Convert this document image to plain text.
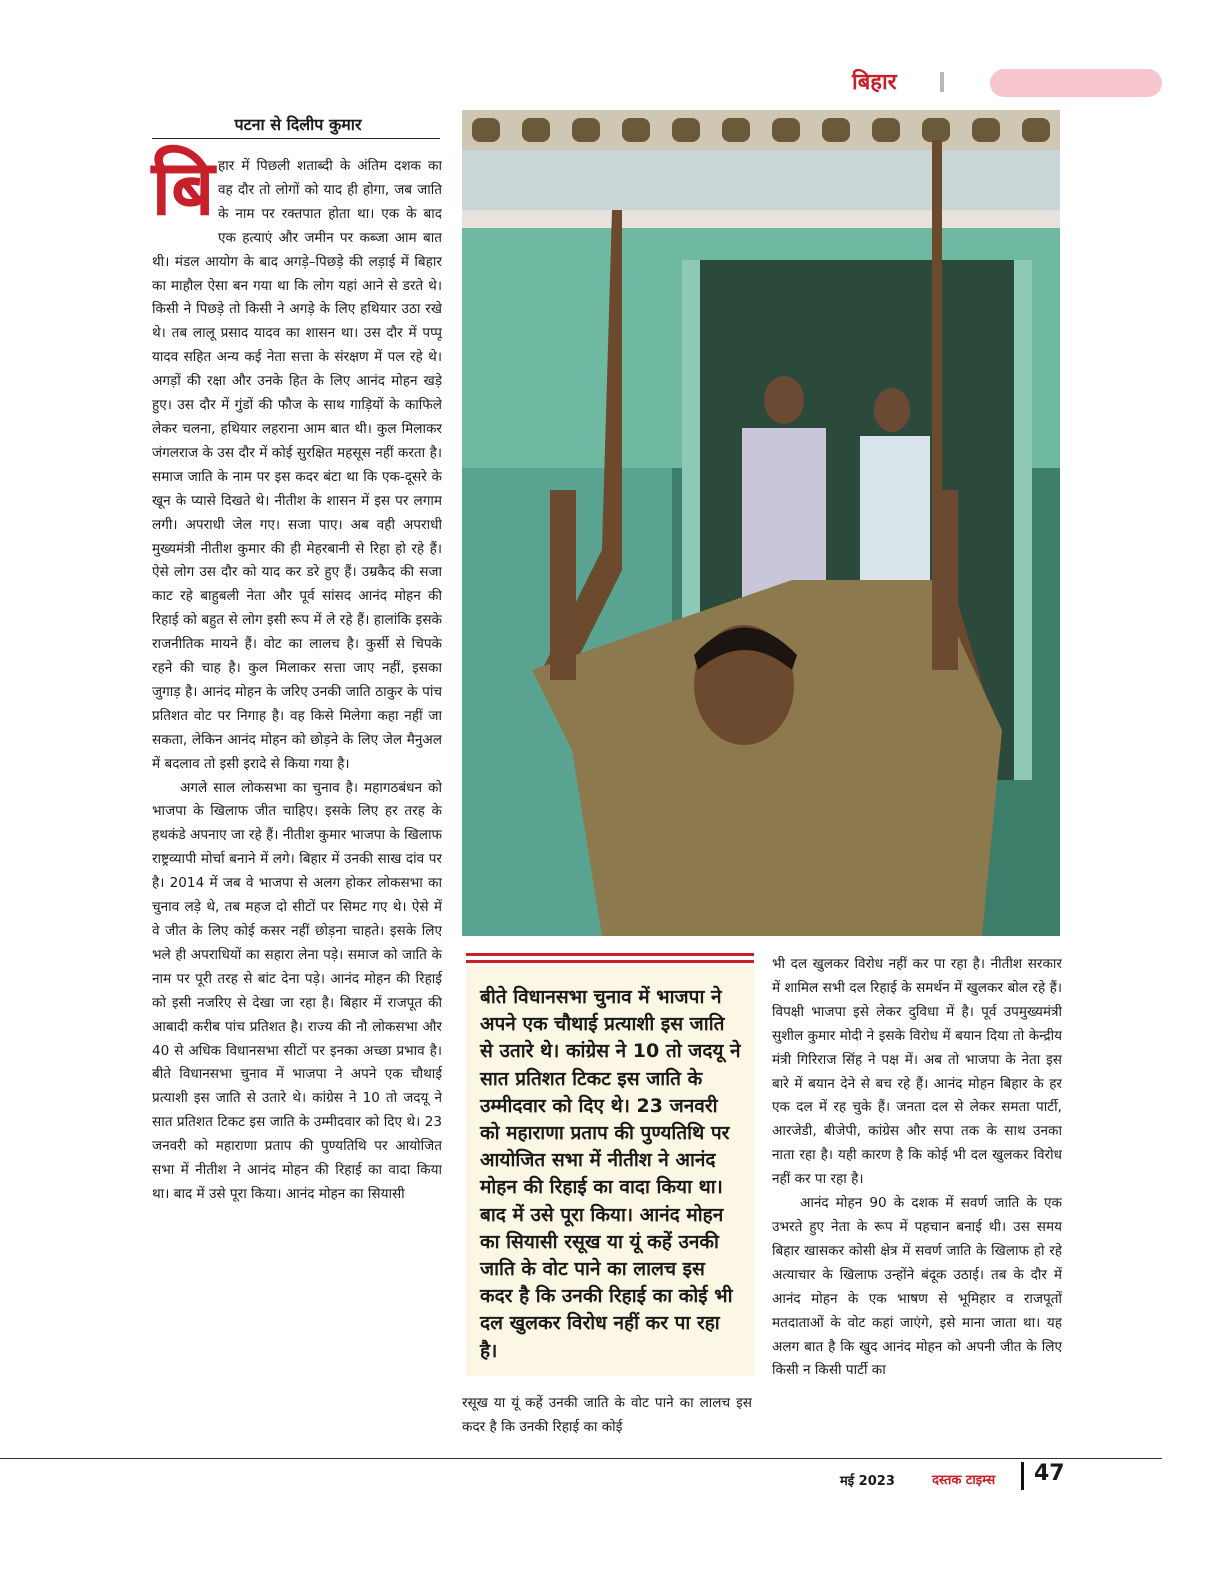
बिहार
पटना से दिलीप कुमार
बि हार में पिछली शताब्दी के अंतिम दशक का वह दौर तो लोगों को याद ही होगा, जब जाति के नाम पर रक्तपात होता था। एक के बाद एक हत्याएं और जमीन पर कब्जा आम बात थी। मंडल आयोग के बाद अगड़े–पिछड़े की लड़ाई में बिहार का माहौल ऐसा बन गया था कि लोग यहां आने से डरते थे। किसी ने पिछड़े तो किसी ने अगड़े के लिए हथियार उठा रखे थे। तब लालू प्रसाद यादव का शासन था। उस दौर में पप्पू यादव सहित अन्य कई नेता सत्ता के संरक्षण में पल रहे थे। अगड़ों की रक्षा और उनके हित के लिए आनंद मोहन खड़े हुए। उस दौर में गुंडों की फौज के साथ गाड़ियों के काफिले लेकर चलना, हथियार लहराना आम बात थी। कुल मिलाकर जंगलराज के उस दौर में कोई सुरक्षित महसूस नहीं करता है। समाज जाति के नाम पर इस कदर बंटा था कि एक-दूसरे के खून के प्यासे दिखते थे। नीतीश के शासन में इस पर लगाम लगी। अपराधी जेल गए। सजा पाए। अब वही अपराधी मुख्यमंत्री नीतीश कुमार की ही मेहरबानी से रिहा हो रहे हैं। ऐसे लोग उस दौर को याद कर डरे हुए हैं। उम्रकैद की सजा काट रहे बाहुबली नेता और पूर्व सांसद आनंद मोहन की रिहाई को बहुत से लोग इसी रूप में ले रहे हैं। हालांकि इसके राजनीतिक मायने हैं। वोट का लालच है। कुर्सी से चिपके रहने की चाह है। कुल मिलाकर सत्ता जाए नहीं, इसका जुगाड़ है। आनंद मोहन के जरिए उनकी जाति ठाकुर के पांच प्रतिशत वोट पर निगाह है। वह किसे मिलेगा कहा नहीं जा सकता, लेकिन आनंद मोहन को छोड़ने के लिए जेल मैनुअल में बदलाव तो इसी इरादे से किया गया है।

अगले साल लोकसभा का चुनाव है। महागठबंधन को भाजपा के खिलाफ जीत चाहिए। इसके लिए हर तरह के हथकंडे अपनाए जा रहे हैं। नीतीश कुमार भाजपा के खिलाफ राष्ट्रव्यापी मोर्चा बनाने में लगे। बिहार में उनकी साख दांव पर है। 2014 में जब वे भाजपा से अलग होकर लोकसभा का चुनाव लड़े थे, तब महज दो सीटों पर सिमट गए थे। ऐसे में वे जीत के लिए कोई कसर नहीं छोड़ना चाहते। इसके लिए भले ही अपराधियों का सहारा लेना पड़े। समाज को जाति के नाम पर पूरी तरह से बांट देना पड़े। आनंद मोहन की रिहाई को इसी नजरिए से देखा जा रहा है। बिहार में राजपूत की आबादी करीब पांच प्रतिशत है। राज्य की नौ लोकसभा और 40 से अधिक विधानसभा सीटों पर इनका अच्छा प्रभाव है। बीते विधानसभा चुनाव में भाजपा ने अपने एक चौथाई प्रत्याशी इस जाति से उतारे थे। कांग्रेस ने 10 तो जदयू ने सात प्रतिशत टिकट इस जाति के उम्मीदवार को दिए थे। 23 जनवरी को महाराणा प्रताप की पुण्यतिथि पर आयोजित सभा में नीतीश ने आनंद मोहन की रिहाई का वादा किया था। बाद में उसे पूरा किया। आनंद मोहन का सियासी

बीते विधानसभा चुनाव में भाजपा ने अपने एक चौथाई प्रत्याशी इस जाति से उतारे थे। कांग्रेस ने 10 तो जदयू ने सात प्रतिशत टिकट इस जाति के उम्मीदवार को दिए थे। 23 जनवरी को महाराणा प्रताप की पुण्यतिथि पर आयोजित सभा में नीतीश ने आनंद मोहन की रिहाई का वादा किया था। बाद में उसे पूरा किया। आनंद मोहन का सियासी रसूख या यूं कहें उनकी जाति के वोट पाने का लालच इस कदर है कि उनकी रिहाई का कोई भी दल खुलकर विरोध नहीं कर पा रहा है।

रसूख या यूं कहें उनकी जाति के वोट पाने का लालच इस कदर है कि उनकी रिहाई का कोई

भी दल खुलकर विरोध नहीं कर पा रहा है। नीतीश सरकार में शामिल सभी दल रिहाई के समर्थन में खुलकर बोल रहे हैं। विपक्षी भाजपा इसे लेकर दुविधा में है। पूर्व उपमुख्यमंत्री सुशील कुमार मोदी ने इसके विरोध में बयान दिया तो केन्द्रीय मंत्री गिरिराज सिंह ने पक्ष में। अब तो भाजपा के नेता इस बारे में बयान देने से बच रहे हैं। आनंद मोहन बिहार के हर एक दल में रह चुके हैं। जनता दल से लेकर समता पार्टी, आरजेडी, बीजेपी, कांग्रेस और सपा तक के साथ उनका नाता रहा है। यही कारण है कि कोई भी दल खुलकर विरोध नहीं कर पा रहा है।

आनंद मोहन 90 के दशक में सवर्ण जाति के एक उभरते हुए नेता के रूप में पहचान बनाई थी। उस समय बिहार खासकर कोसी क्षेत्र में सवर्ण जाति के खिलाफ हो रहे अत्याचार के खिलाफ उन्होंने बंदूक उठाई। तब के दौर में आनंद मोहन के एक भाषण से भूमिहार व राजपूतों मतदाताओं के वोट कहां जाएंगे, इसे माना जाता था। यह अलग बात है कि खुद आनंद मोहन को अपनी जीत के लिए किसी न किसी पार्टी का

मई 2023	दस्तक टाइम्स 47
